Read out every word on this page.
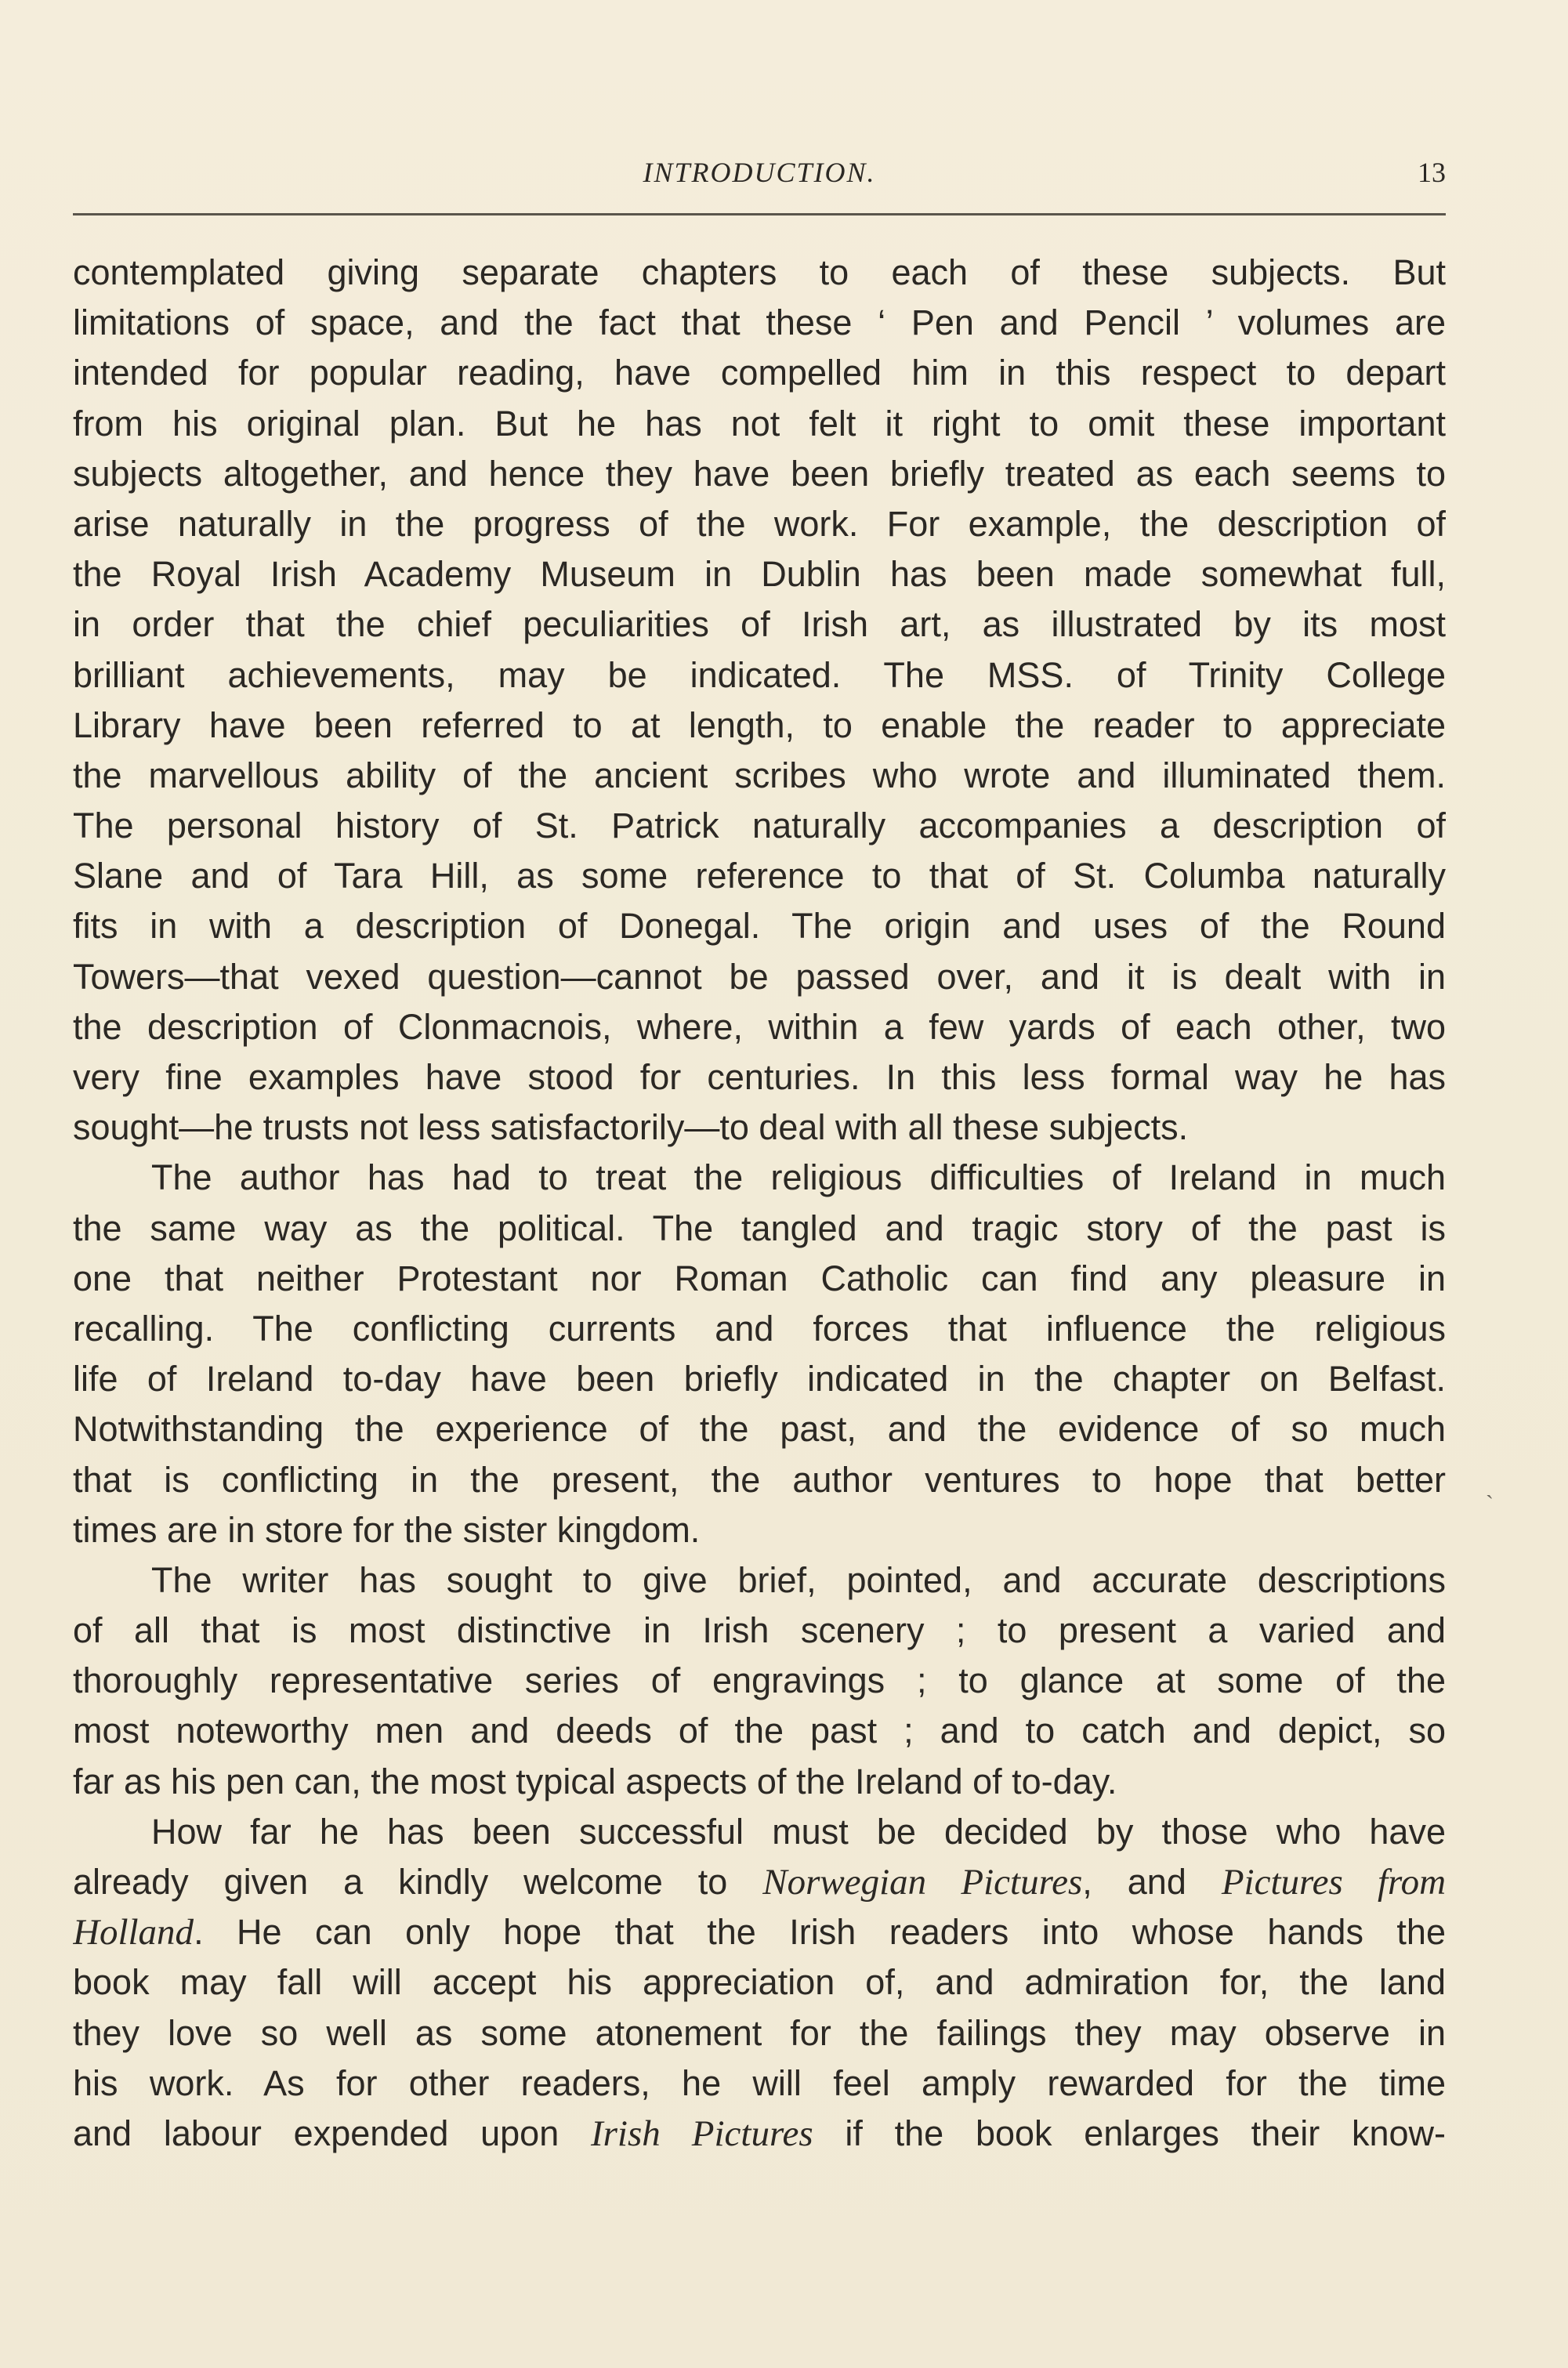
INTRODUCTION.	13
contemplated giving separate chapters to each of these subjects. But
limitations of space, and the fact that these ‘ Pen and Pencil ’ volumes are
intended for popular reading, have compelled him in this respect to depart
from his original plan. But he has not felt it right to omit these important
subjects altogether, and hence they have been briefly treated as each seems to
arise naturally in the progress of the work. For example, the description of
the Royal Irish Academy Museum in Dublin has been made somewhat full,
in order that the chief peculiarities of Irish art, as illustrated by its most
brilliant achievements, may be indicated. The MSS. of Trinity College
Library have been referred to at length, to enable the reader to appreciate
the marvellous ability of the ancient scribes who wrote and illuminated them.
The personal history of St. Patrick naturally accompanies a description of
Slane and of Tara Hill, as some reference to that of St. Columba naturally
fits in with a description of Donegal. The origin and uses of the Round
Towers—that vexed question—cannot be passed over, and it is dealt with in
the description of Clonmacnois, where, within a few yards of each other, two
very fine examples have stood for centuries. In this less formal way he has
sought—he trusts not less satisfactorily—to deal with all these subjects.
The author has had to treat the religious difficulties of Ireland in much
the same way as the political. The tangled and tragic story of the past is
one that neither Protestant nor Roman Catholic can find any pleasure in
recalling. The conflicting currents and forces that influence the religious
life of Ireland to-day have been briefly indicated in the chapter on Belfast.
Notwithstanding the experience of the past, and the evidence of so much
that is conflicting in the present, the author ventures to hope that better
times are in store for the sister kingdom.
The writer has sought to give brief, pointed, and accurate descriptions
of all that is most distinctive in Irish scenery ; to present a varied and
thoroughly representative series of engravings ; to glance at some of the
most noteworthy men and deeds of the past ; and to catch and depict, so
far as his pen can, the most typical aspects of the Ireland of to-day.
How far he has been successful must be decided by those who have
already given a kindly welcome to Norwegian Pictures, and Pictures from
Holland. He can only hope that the Irish readers into whose hands the
book may fall will accept his appreciation of, and admiration for, the land
they love so well as some atonement for the failings they may observe in
his work. As for other readers, he will feel amply rewarded for the time
and labour expended upon Irish Pictures if the book enlarges their know-
ˎ
